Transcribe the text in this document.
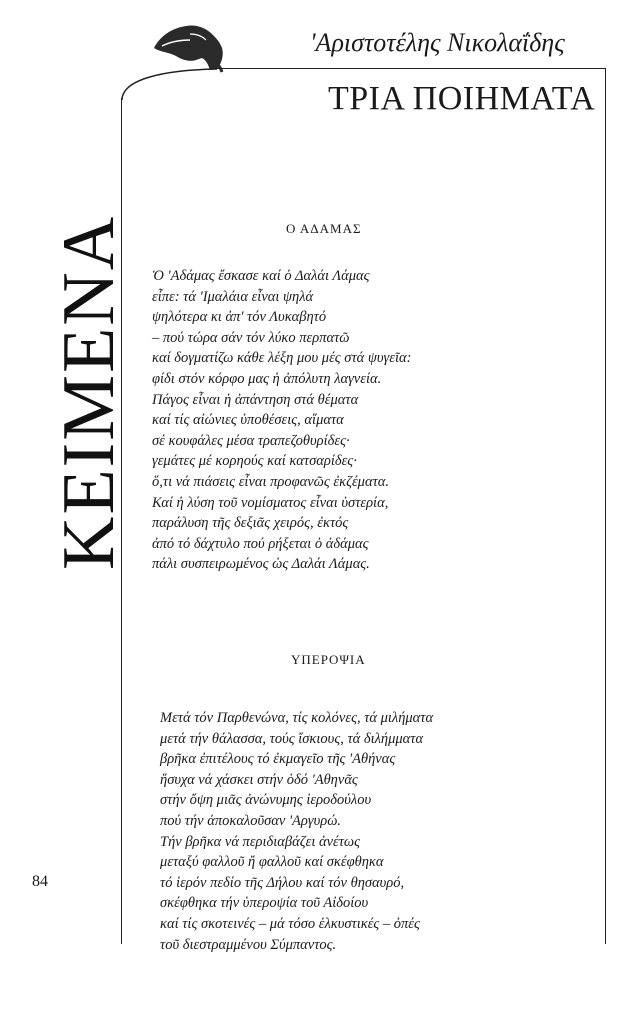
ΚΕΙΜΕΝΑ
'Αριστοτέλης Νικολαΐδης
ΤΡΙΑ ΠΟΙΗΜΑΤΑ
Ο ΑΔΑΜΑΣ
Ὁ 'Αδάμας ἔσκασε καί ὁ Δαλάι Λάμας
εἶπε: τά 'Ιμαλάια εἶναι ψηλά
ψηλότερα κι ἀπ' τόν Λυκαβητό
– πού τώρα σάν τόν λύκο περπατῶ
καί δογματίζω κάθε λέξη μου μές στά ψυγεῖα:
φίδι στόν κόρφο μας ἡ ἀπόλυτη λαγνεία.
Πάγος εἶναι ἡ ἀπάντηση στά θέματα
καί τίς αἰώνιες ὑποθέσεις, αἵματα
σέ κουφάλες μέσα τραπεζοθυρίδες·
γεμάτες μέ κορηούς καί κατσαρίδες·
ὅ,τι νά πιάσεις εἶναι προφανῶς ἐκζέματα.
Καί ἡ λύση τοῦ νομίσματος εἶναι ὑστερία,
παράλυση τῆς δεξιᾶς χειρός, ἐκτός
ἀπό τό δάχτυλο πού ρήξεται ὁ ἀδάμας
πάλι συσπειρωμένος ὡς Δαλάι Λάμας.
ΥΠΕΡΟΨΙΑ
Μετά τόν Παρθενώνα, τίς κολόνες, τά μιλήματα
μετά τήν θάλασσα, τούς ἴσκιους, τά διλήμματα
βρῆκα ἐπιτέλους τό ἐκμαγεῖο τῆς 'Αθήνας
ἥσυχα νά χάσκει στήν ὁδό 'Αθηνᾶς
στήν ὄψη μιᾶς ἀνώνυμης ἱεροδούλου
πού τήν ἀποκαλοῦσαν 'Αργυρώ.
Τήν βρῆκα νά περιδιαβάζει ἀνέτως
μεταξύ φαλλοῦ ἤ φαλλοῦ καί σκέφθηκα
τό ἱερόν πεδίο τῆς Δήλου καί τόν θησαυρό,
σκέφθηκα τήν ὑπεροψία τοῦ Αἰδοίου
καί τίς σκοτεινές – μά τόσο ἑλκυστικές – ὀπές
τοῦ διεστραμμένου Σύμπαντος.
84
